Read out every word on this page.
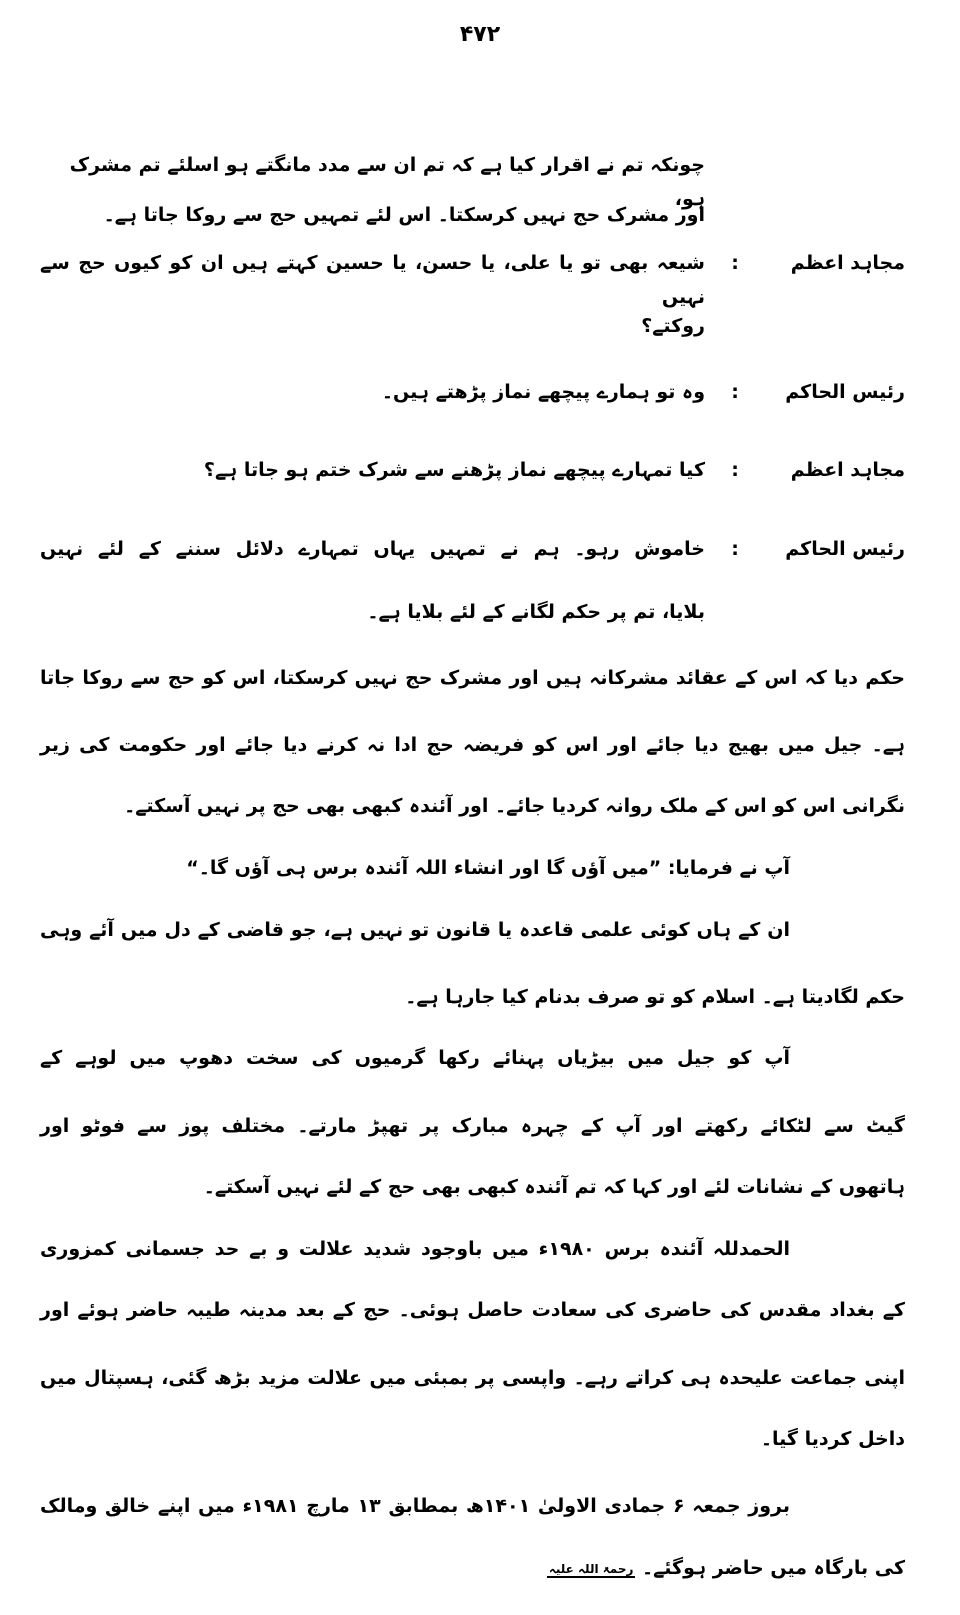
۴۷۲
چونکہ تم نے اقرار کیا ہے کہ تم ان سے مدد مانگتے ہو اسلئے تم مشرک ہو،
اور مشرک حج نہیں کرسکتا۔ اس لئے تمہیں حج سے روکا جاتا ہے۔
مجاہد اعظم
:
شیعہ بھی تو یا علی، یا حسن، یا حسین کہتے ہیں ان کو کیوں حج سے نہیں
روکتے؟
رئیس الحاکم
:
وہ تو ہمارے پیچھے نماز پڑھتے ہیں۔
مجاہد اعظم
:
کیا تمہارے پیچھے نماز پڑھنے سے شرک ختم ہو جاتا ہے؟
رئیس الحاکم
:
خاموش رہو۔ ہم نے تمہیں یہاں تمہارے دلائل سننے کے لئے نہیں
بلایا، تم پر حکم لگانے کے لئے بلایا ہے۔
حکم دیا کہ اس کے عقائد مشرکانہ ہیں اور مشرک حج نہیں کرسکتا، اس کو حج سے روکا جاتا
ہے۔ جیل میں بھیج دیا جائے اور اس کو فریضہ حج ادا نہ کرنے دیا جائے اور حکومت کی زیر
نگرانی اس کو اس کے ملک روانہ کردیا جائے۔ اور آئندہ کبھی بھی حج پر نہیں آسکتے۔
آپ نے فرمایا: ”میں آؤں گا اور انشاء اللہ آئندہ برس ہی آؤں گا۔“
ان کے ہاں کوئی علمی قاعدہ یا قانون تو نہیں ہے، جو قاضی کے دل میں آئے وہی
حکم لگادیتا ہے۔ اسلام کو تو صرف بدنام کیا جارہا ہے۔
آپ کو جیل میں بیڑیاں پہنائے رکھا گرمیوں کی سخت دھوپ میں لوہے کے
گیٹ سے لٹکائے رکھتے اور آپ کے چہرہ مبارک پر تھپڑ مارتے۔ مختلف پوز سے فوٹو اور
ہاتھوں کے نشانات لئے اور کہا کہ تم آئندہ کبھی بھی حج کے لئے نہیں آسکتے۔
الحمدللہ آئندہ برس ۱۹۸۰ء میں باوجود شدید علالت و بے حد جسمانی کمزوری
کے بغداد مقدس کی حاضری کی سعادت حاصل ہوئی۔ حج کے بعد مدینہ طیبہ حاضر ہوئے اور
اپنی جماعت علیحدہ ہی کراتے رہے۔ واپسی پر بمبئی میں علالت مزید بڑھ گئی، ہسپتال میں
داخل کردیا گیا۔
بروز جمعہ ۶ جمادی الاولیٰ ۱۴۰۱ھ بمطابق ۱۳ مارچ ۱۹۸۱ء میں اپنے خالق ومالک
کی بارگاہ میں حاضر ہوگئے۔ رحمۃ اللہ علیہ
